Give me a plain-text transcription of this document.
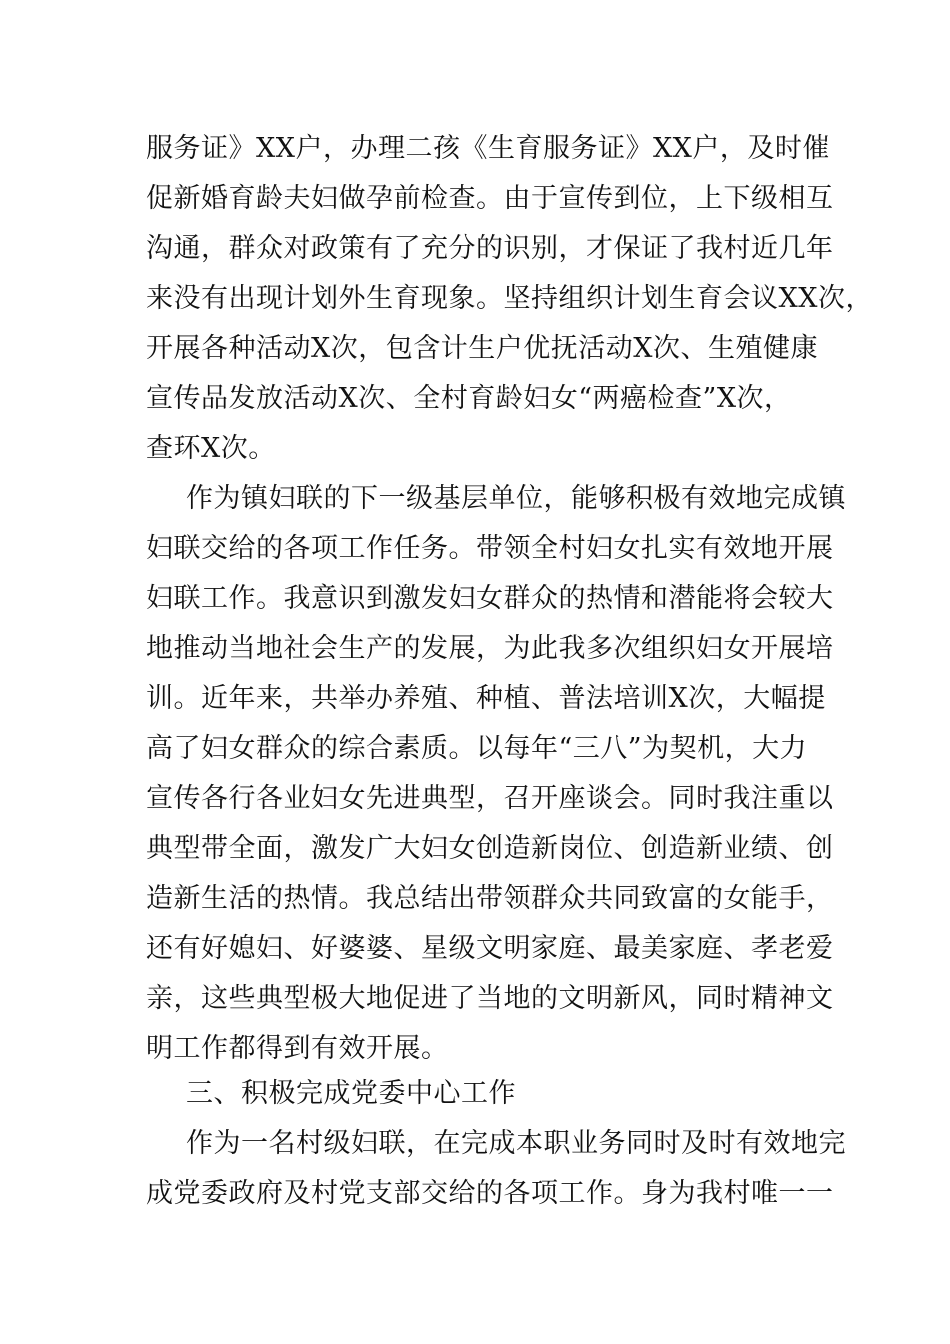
服务证》XX户，办理二孩《生育服务证》XX户，及时催
促新婚育龄夫妇做孕前检查。由于宣传到位，上下级相互
沟通，群众对政策有了充分的识别，才保证了我村近几年
来没有出现计划外生育现象。坚持组织计划生育会议XX次，
开展各种活动X次，包含计生户优抚活动X次、生殖健康
宣传品发放活动X次、全村育龄妇女“两癌检查”X次，
查环X次。
作为镇妇联的下一级基层单位，能够积极有效地完成镇
妇联交给的各项工作任务。带领全村妇女扎实有效地开展
妇联工作。我意识到激发妇女群众的热情和潜能将会较大
地推动当地社会生产的发展，为此我多次组织妇女开展培
训。近年来，共举办养殖、种植、普法培训X次，大幅提
高了妇女群众的综合素质。以每年“三八”为契机，大力
宣传各行各业妇女先进典型，召开座谈会。同时我注重以
典型带全面，激发广大妇女创造新岗位、创造新业绩、创
造新生活的热情。我总结出带领群众共同致富的女能手，
还有好媳妇、好婆婆、星级文明家庭、最美家庭、孝老爱
亲，这些典型极大地促进了当地的文明新风，同时精神文
明工作都得到有效开展。
三、积极完成党委中心工作
作为一名村级妇联，在完成本职业务同时及时有效地完
成党委政府及村党支部交给的各项工作。身为我村唯一一
